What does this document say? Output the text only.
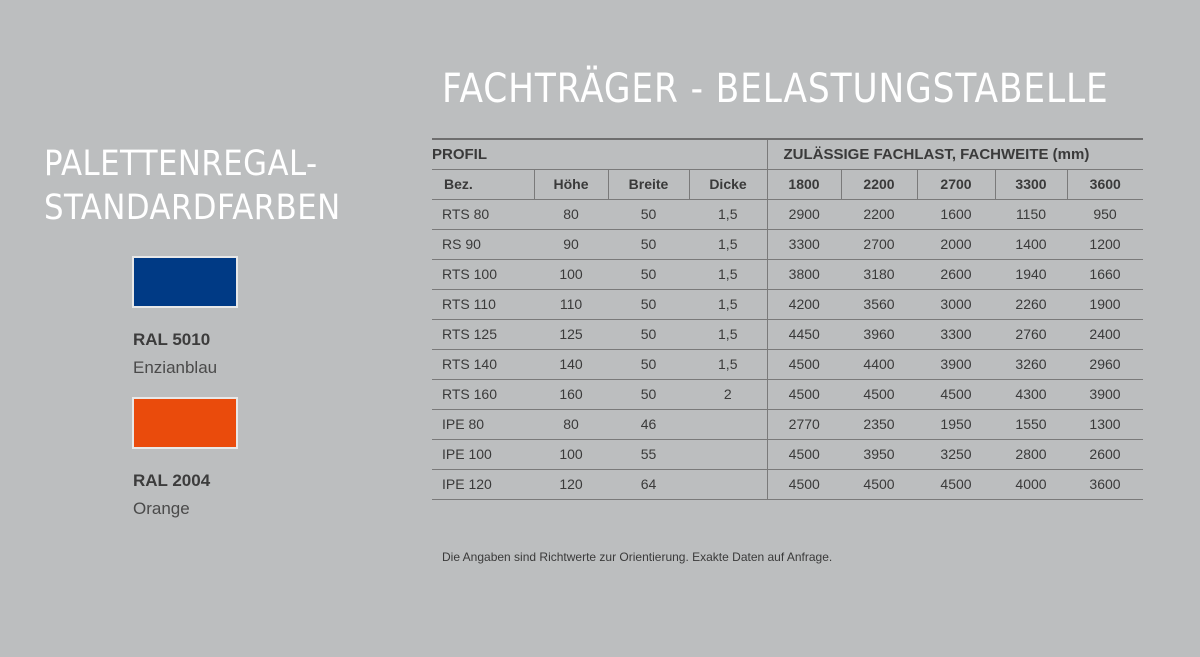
PALETTENREGAL-
STANDARDFARBEN
RAL 5010
Enzianblau
RAL 2004
Orange
FACHTRÄGER - BELASTUNGSTABELLE
PROFIL				ZULÄSSIGE FACHLAST, FACHWEITE (mm)				
Bez.	Höhe	Breite	Dicke	1800	2200	2700	3300	3600
RTS 80	80	50	1,5	2900	2200	1600	1150	950
RS 90	90	50	1,5	3300	2700	2000	1400	1200
RTS 100	100	50	1,5	3800	3180	2600	1940	1660
RTS 110	110	50	1,5	4200	3560	3000	2260	1900
RTS 125	125	50	1,5	4450	3960	3300	2760	2400
RTS 140	140	50	1,5	4500	4400	3900	3260	2960
RTS 160	160	50	2	4500	4500	4500	4300	3900
IPE 80	80	46		2770	2350	1950	1550	1300
IPE 100	100	55		4500	3950	3250	2800	2600
IPE 120	120	64		4500	4500	4500	4000	3600
Die Angaben sind Richtwerte zur Orientierung. Exakte Daten auf Anfrage.
